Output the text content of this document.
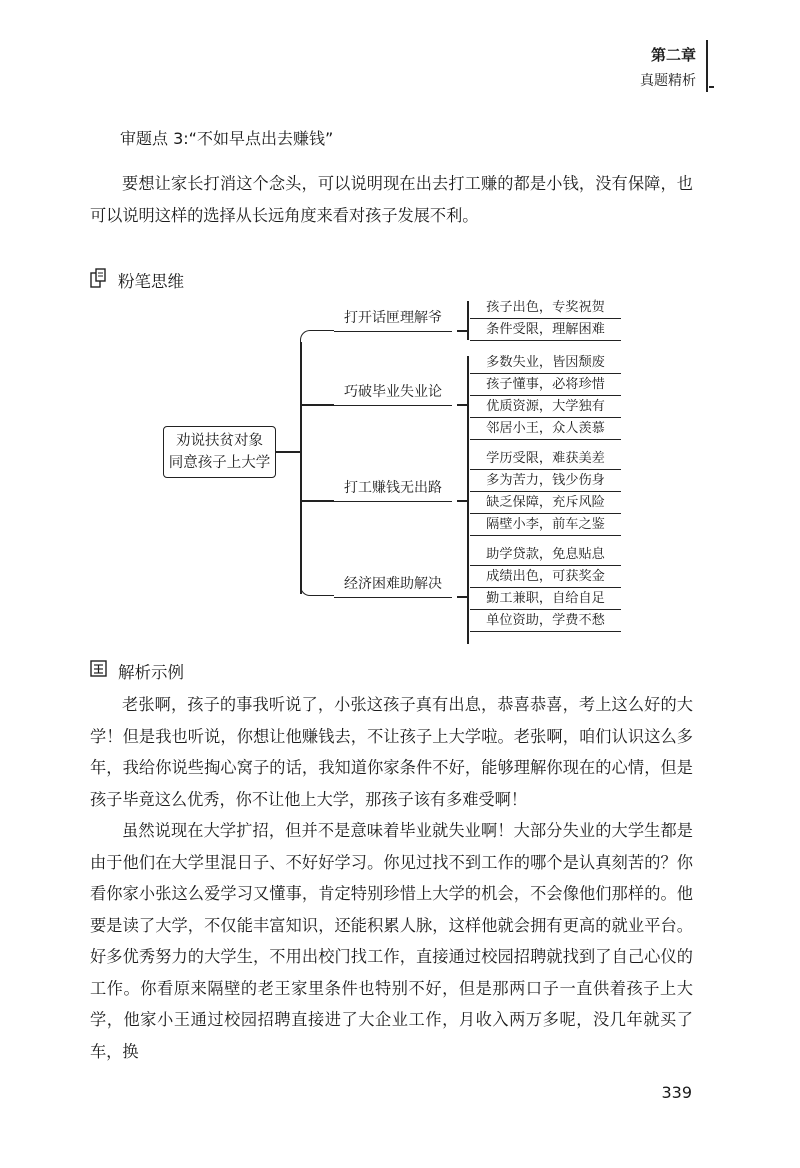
第二章
真题精析
审题点 3:“不如早点出去赚钱”
要想让家长打消这个念头，可以说明现在出去打工赚的都是小钱，没有保障，也可以说明这样的选择从长远角度来看对孩子发展不利。
粉笔思维
劝说扶贫对象
同意孩子上大学
打开话匣理解爷
孩子出色，专奖祝贺
条件受限，理解困难
巧破毕业失业论
多数失业，皆因颓废
孩子懂事，必将珍惜
优质资源，大学独有
邻居小王，众人羡慕
打工赚钱无出路
学历受限，难获美差
多为苦力，钱少伤身
缺乏保障，充斥风险
隔壁小李，前车之鉴
经济困难助解决
助学贷款，免息贴息
成绩出色，可获奖金
勤工兼职，自给自足
单位资助，学费不愁
解析示例
老张啊，孩子的事我听说了，小张这孩子真有出息，恭喜恭喜，考上这么好的大学！但是我也听说，你想让他赚钱去，不让孩子上大学啦。老张啊，咱们认识这么多年，我给你说些掏心窝子的话，我知道你家条件不好，能够理解你现在的心情，但是孩子毕竟这么优秀，你不让他上大学，那孩子该有多难受啊！
虽然说现在大学扩招，但并不是意味着毕业就失业啊！大部分失业的大学生都是由于他们在大学里混日子、不好好学习。你见过找不到工作的哪个是认真刻苦的？你看你家小张这么爱学习又懂事，肯定特别珍惜上大学的机会，不会像他们那样的。他要是读了大学，不仅能丰富知识，还能积累人脉，这样他就会拥有更高的就业平台。好多优秀努力的大学生，不用出校门找工作，直接通过校园招聘就找到了自己心仪的工作。你看原来隔壁的老王家里条件也特别不好，但是那两口子一直供着孩子上大学，他家小王通过校园招聘直接进了大企业工作，月收入两万多呢，没几年就买了车，换
339
